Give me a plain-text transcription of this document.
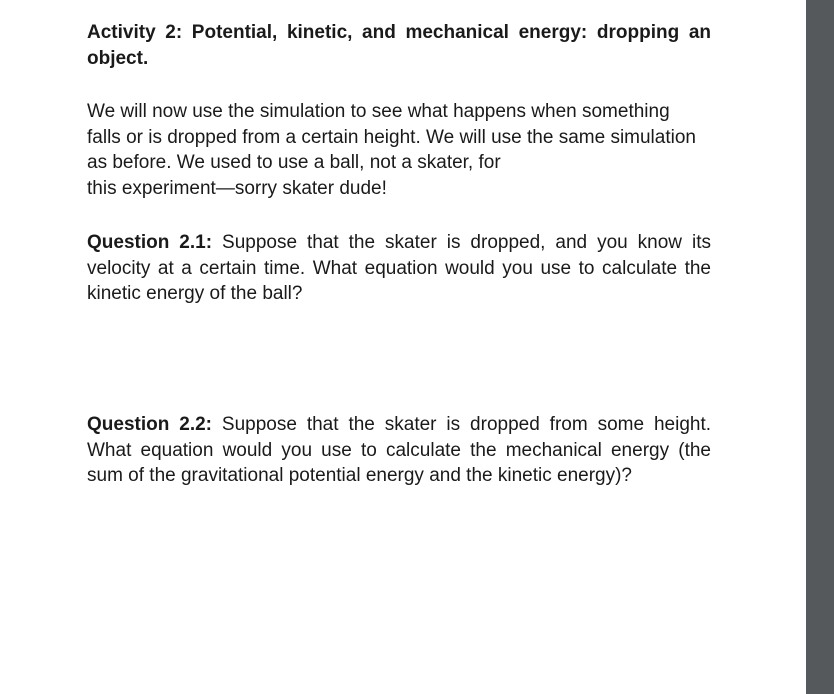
Activity 2: Potential, kinetic, and mechanical energy: dropping an object.

We will now use the simulation to see what happens when something
falls or is dropped from a certain height. We will use the same simulation
as before. We used to use a ball, not a skater, for
this experiment—sorry skater dude!

Question 2.1: Suppose that the skater is dropped, and you know its velocity at a certain time. What equation would you use to calculate the kinetic energy of the ball?

Question 2.2: Suppose that the skater is dropped from some height. What equation would you use to calculate the mechanical energy (the sum of the gravitational potential energy and the kinetic energy)?
